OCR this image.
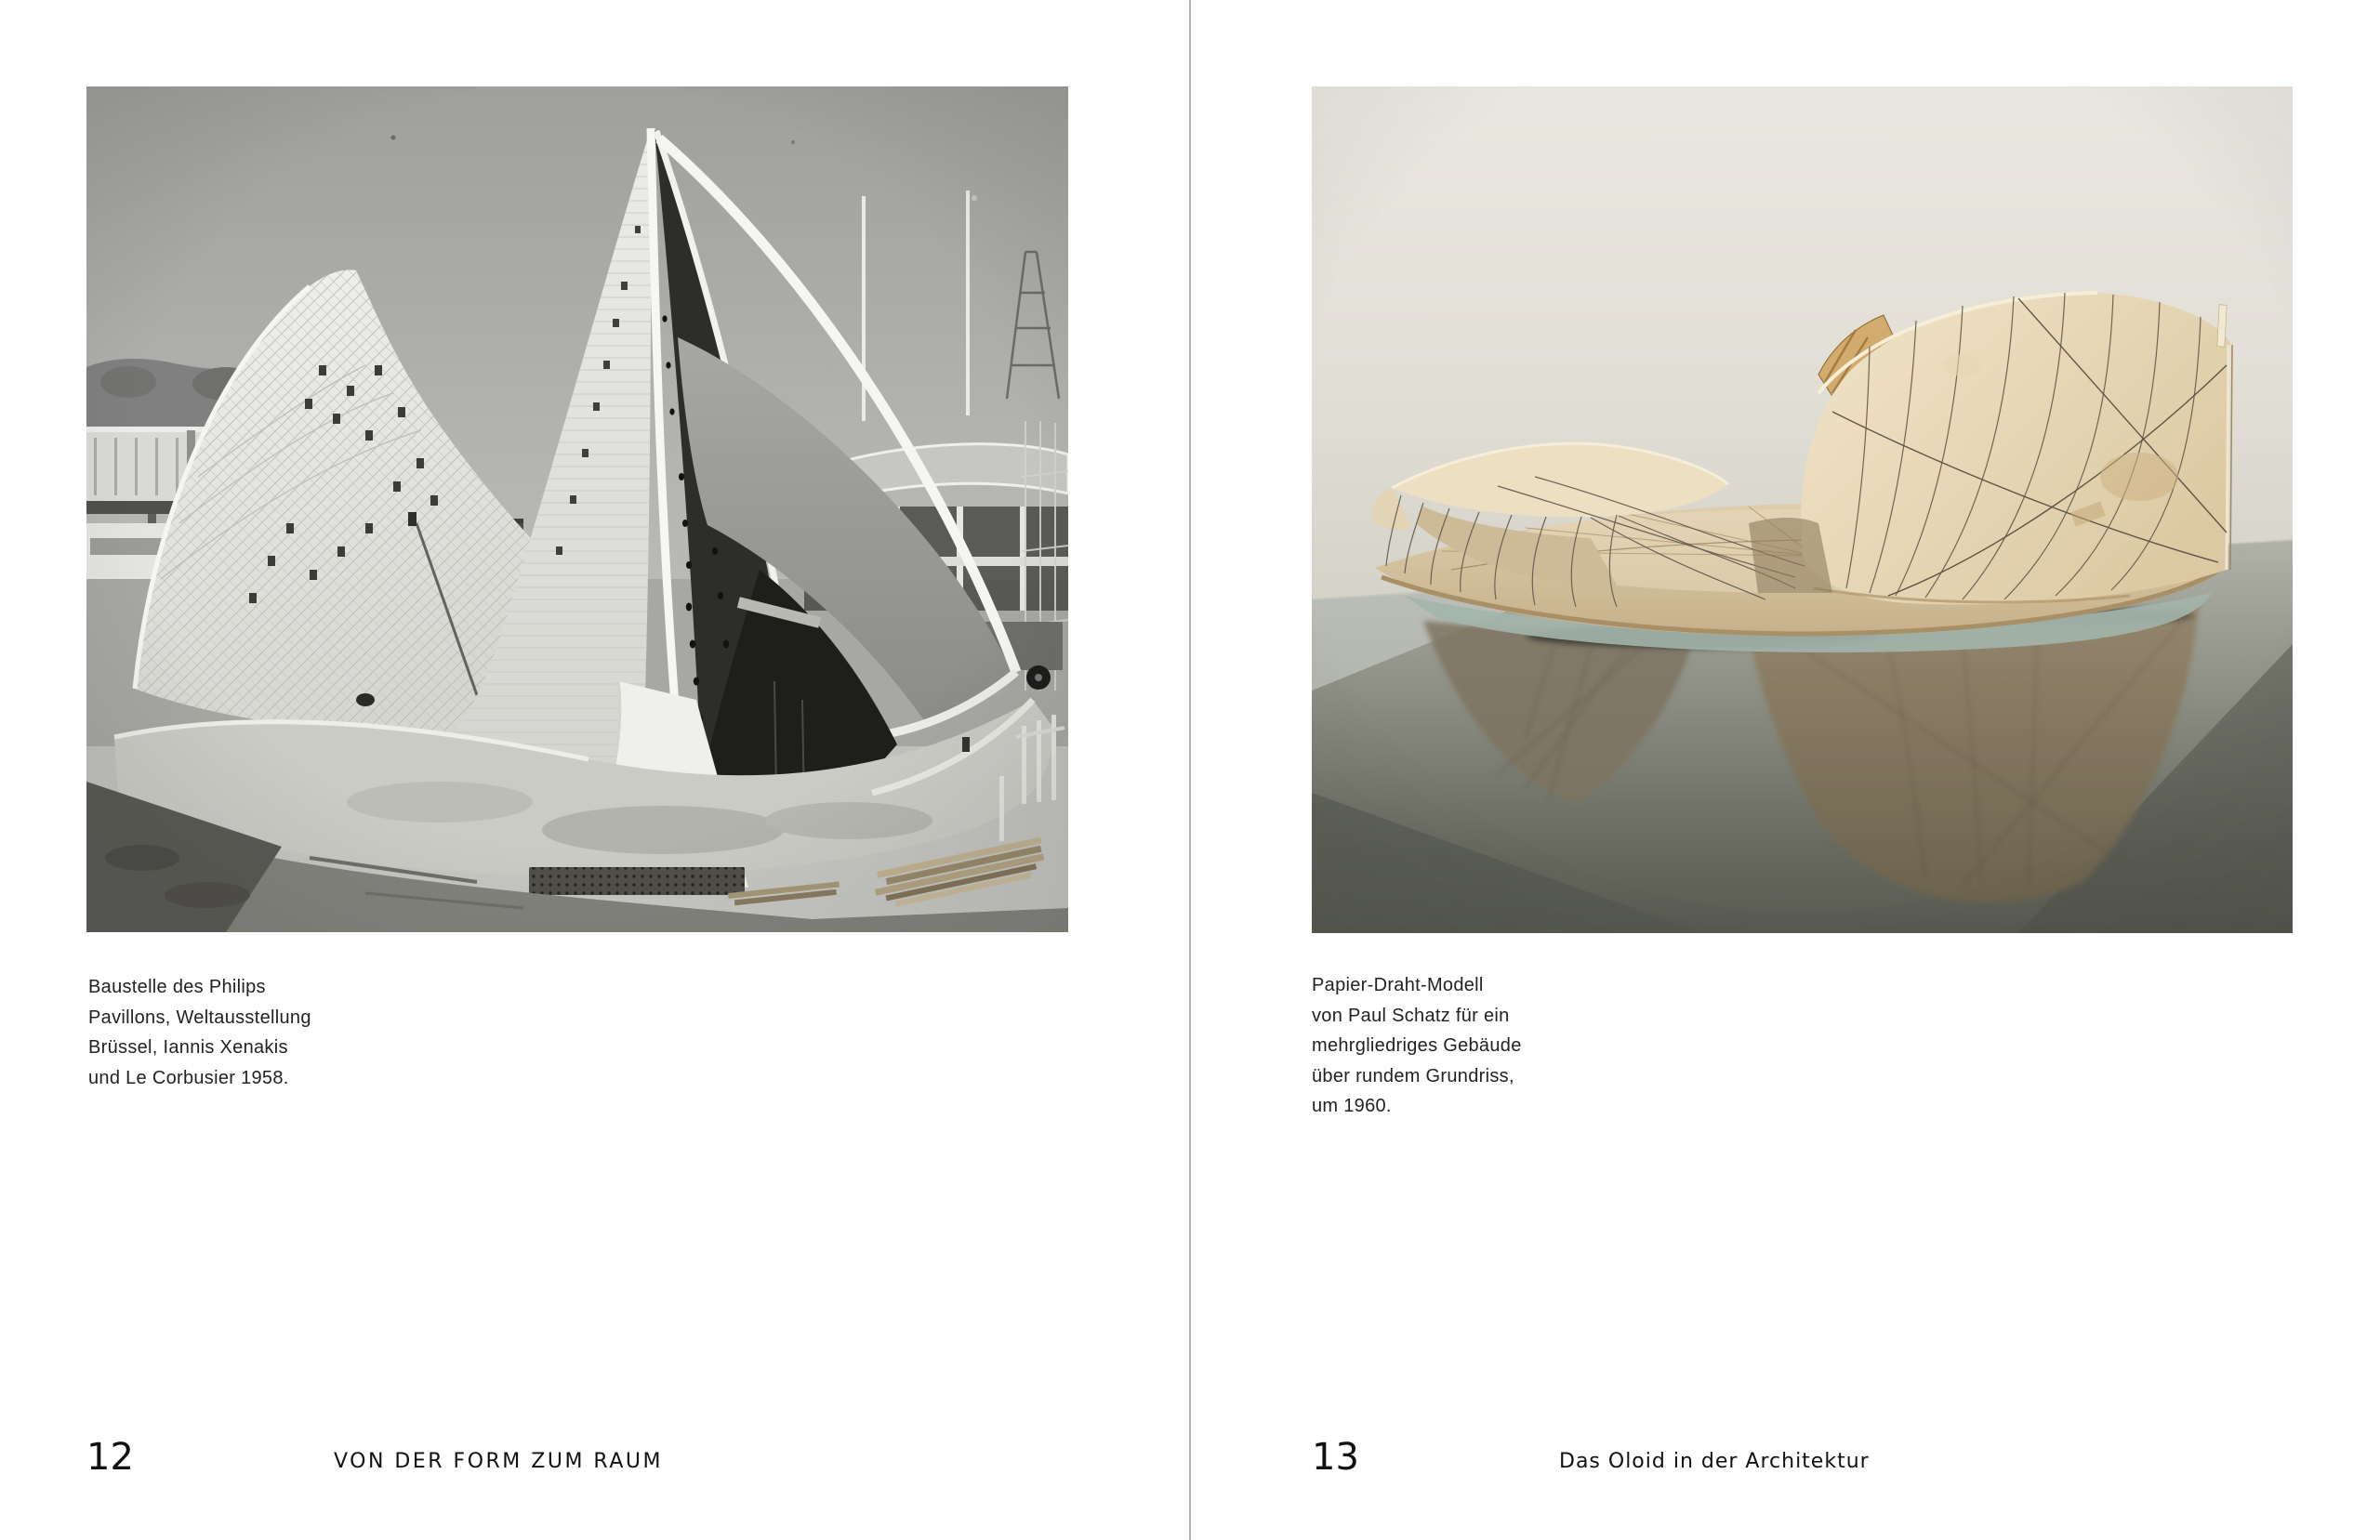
Baustelle des Philips
Pavillons, Weltausstellung
Brüssel, Iannis Xenakis
und Le Corbusier 1958.
12	VON DER FORM ZUM RAUM
Papier-Draht-Modell
von Paul Schatz für ein
mehrgliedriges Gebäude
über rundem Grundriss,
um 1960.
13	Das Oloid in der Architektur
